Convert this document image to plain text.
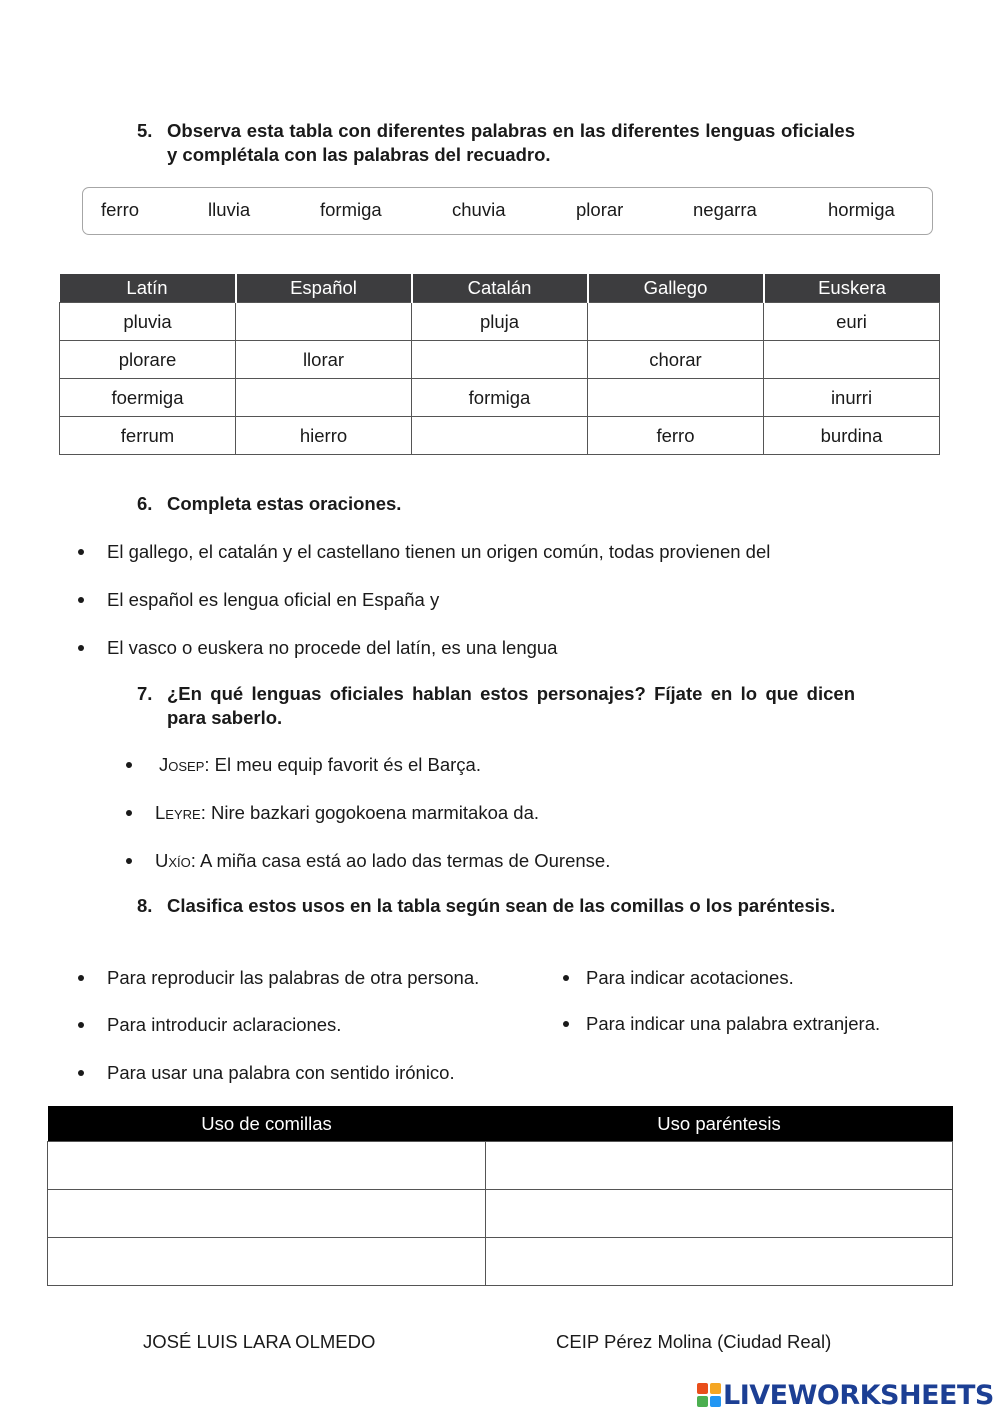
5. Observa esta tabla con diferentes palabras en las diferentes lenguas oficiales y complétala con las palabras del recuadro.
ferro	lluvia	formiga	chuvia	plorar	negarra	hormiga
Latín	Español	Catalán	Gallego	Euskera
pluvia		pluja		euri
plorare	llorar		chorar	
foermiga		formiga		inurri
ferrum	hierro		ferro	burdina
6. Completa estas oraciones.
El gallego, el catalán y el castellano tienen un origen común, todas provienen del
El español es lengua oficial en España y
El vasco o euskera no procede del latín, es una lengua
7. ¿En qué lenguas oficiales hablan estos personajes? Fíjate en lo que dicen para saberlo.
Josep: El meu equip favorit és el Barça.
Leyre: Nire bazkari gogokoena marmitakoa da.
Uxío: A miña casa está ao lado das termas de Ourense.
8. Clasifica estos usos en la tabla según sean de las comillas o los paréntesis.
Para reproducir las palabras de otra persona.
Para introducir aclaraciones.
Para usar una palabra con sentido irónico.
Para indicar acotaciones.
Para indicar una palabra extranjera.
Uso de comillas	Uso paréntesis

JOSÉ LUIS LARA OLMEDO	CEIP Pérez Molina (Ciudad Real)
LIVEWORKSHEETS
